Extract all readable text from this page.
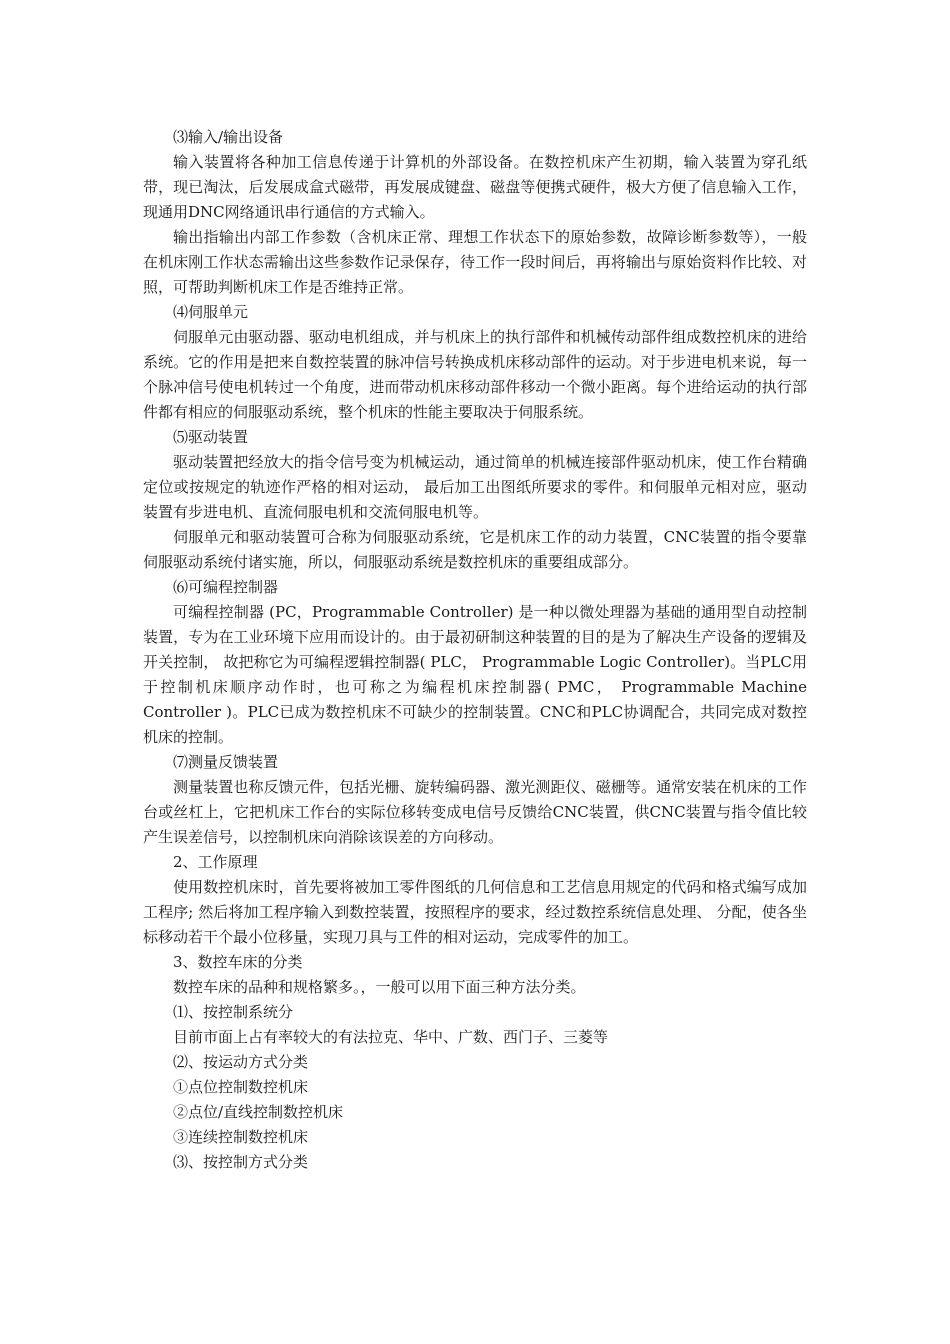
⑶输入/输出设备

输入装置将各种加工信息传递于计算机的外部设备。在数控机床产生初期，输入装置为穿孔纸带，现已淘汰，后发展成盒式磁带，再发展成键盘、磁盘等便携式硬件，极大方便了信息输入工作，现通用DNC网络通讯串行通信的方式输入。

输出指输出内部工作参数（含机床正常、理想工作状态下的原始参数，故障诊断参数等），一般在机床刚工作状态需输出这些参数作记录保存，待工作一段时间后，再将输出与原始资料作比较、对照，可帮助判断机床工作是否维持正常。

⑷伺服单元

伺服单元由驱动器、驱动电机组成，并与机床上的执行部件和机械传动部件组成数控机床的进给系统。它的作用是把来自数控装置的脉冲信号转换成机床移动部件的运动。对于步进电机来说，每一个脉冲信号使电机转过一个角度，进而带动机床移动部件移动一个微小距离。每个进给运动的执行部件都有相应的伺服驱动系统，整个机床的性能主要取决于伺服系统。

⑸驱动装置

驱动装置把经放大的指令信号变为机械运动，通过简单的机械连接部件驱动机床，使工作台精确定位或按规定的轨迹作严格的相对运动， 最后加工出图纸所要求的零件。和伺服单元相对应，驱动装置有步进电机、直流伺服电机和交流伺服电机等。

伺服单元和驱动装置可合称为伺服驱动系统，它是机床工作的动力装置，CNC装置的指令要靠伺服驱动系统付诸实施，所以，伺服驱动系统是数控机床的重要组成部分。

⑹可编程控制器

可编程控制器 (PC，Programmable Controller) 是一种以微处理器为基础的通用型自动控制装置，专为在工业环境下应用而设计的。由于最初研制这种装置的目的是为了解决生产设备的逻辑及开关控制， 故把称它为可编程逻辑控制器( PLC， Programmable Logic Controller)。当PLC用于控制机床顺序动作时，也可称之为编程机床控制器( PMC， Programmable Machine Controller )。PLC已成为数控机床不可缺少的控制装置。CNC和PLC协调配合，共同完成对数控机床的控制。

⑺测量反馈装置

测量装置也称反馈元件，包括光栅、旋转编码器、激光测距仪、磁栅等。通常安装在机床的工作台或丝杠上，它把机床工作台的实际位移转变成电信号反馈给CNC装置，供CNC装置与指令值比较产生误差信号，以控制机床向消除该误差的方向移动。

2、工作原理

使用数控机床时，首先要将被加工零件图纸的几何信息和工艺信息用规定的代码和格式编写成加工程序; 然后将加工程序输入到数控装置，按照程序的要求，经过数控系统信息处理、 分配，使各坐标移动若干个最小位移量，实现刀具与工件的相对运动，完成零件的加工。

3、数控车床的分类

数控车床的品种和规格繁多。，一般可以用下面三种方法分类。

⑴、按控制系统分

目前市面上占有率较大的有法拉克、华中、广数、西门子、三菱等

⑵、按运动方式分类

①点位控制数控机床

②点位/直线控制数控机床

③连续控制数控机床

⑶、按控制方式分类
